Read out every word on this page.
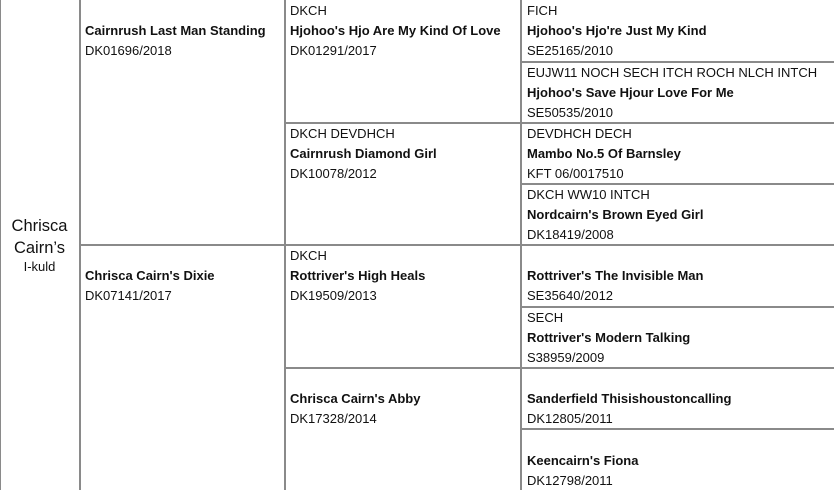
Chrisca
Cairn’s
I-kuld
Cairnrush Last Man Standing
DK01696/2018
Chrisca Cairn's Dixie
DK07141/2017
DKCH
Hjohoo's Hjo Are My Kind Of Love
DK01291/2017
DKCH DEVDHCH
Cairnrush Diamond Girl
DK10078/2012
DKCH
Rottriver's High Heals
DK19509/2013
Chrisca Cairn's Abby
DK17328/2014
FICH
Hjohoo's Hjo're Just My Kind
SE25165/2010
EUJW11 NOCH SECH ITCH ROCH NLCH INTCH
Hjohoo's Save Hjour Love For Me
SE50535/2010
DEVDHCH DECH
Mambo No.5 Of Barnsley
KFT 06/0017510
DKCH WW10 INTCH
Nordcairn's Brown Eyed Girl
DK18419/2008
Rottriver's The Invisible Man
SE35640/2012
SECH
Rottriver's Modern Talking
S38959/2009
Sanderfield Thisishoustoncalling
DK12805/2011
Keencairn's Fiona
DK12798/2011
